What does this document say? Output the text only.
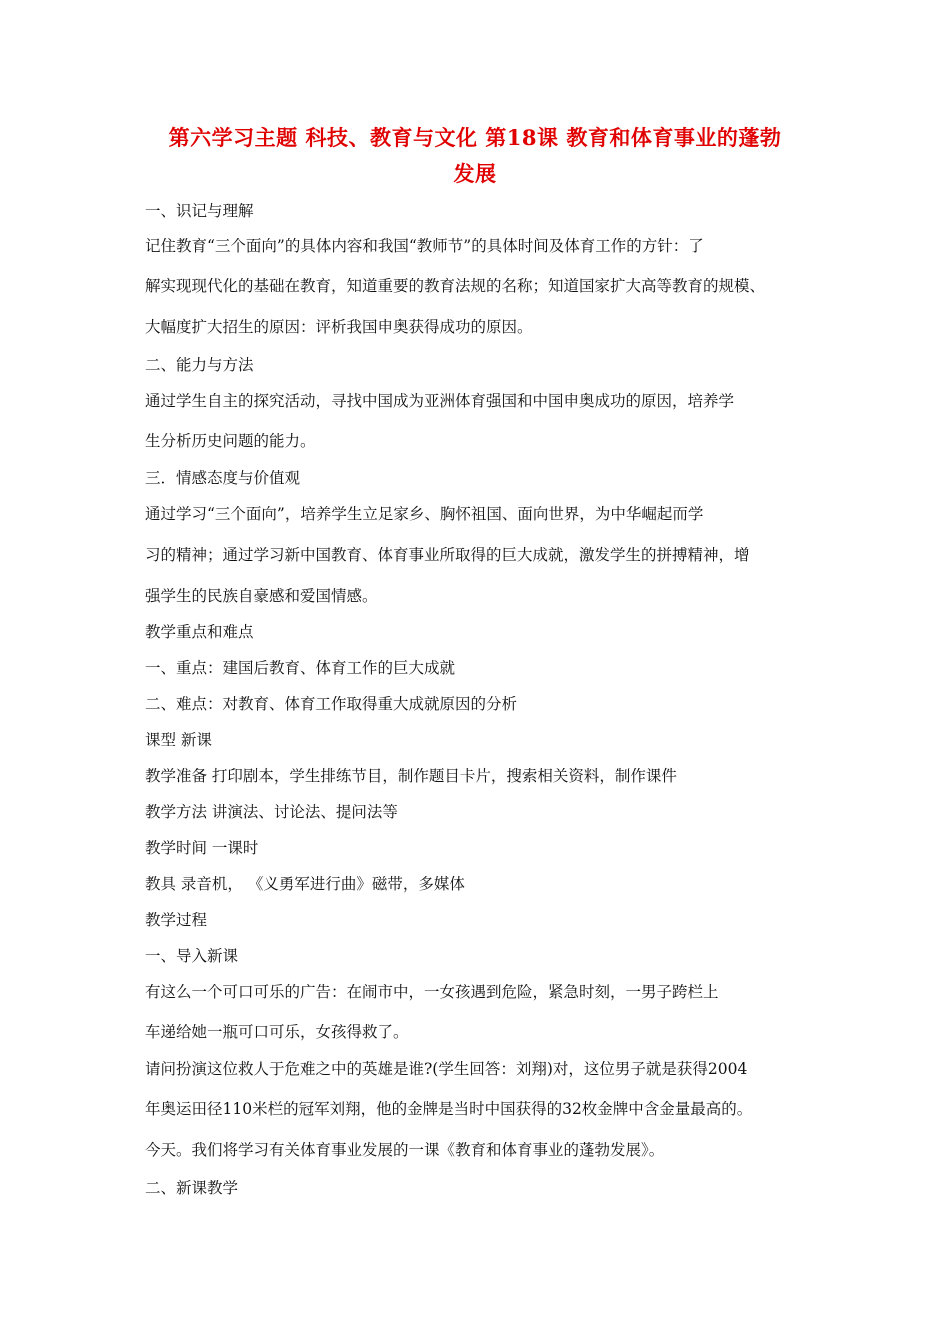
第六学习主题 科技、教育与文化 第18课 教育和体育事业的蓬勃
发展
一、识记与理解
记住教育“三个面向”的具体内容和我国“教师节”的具体时间及体育工作的方针：了
解实现现代化的基础在教育，知道重要的教育法规的名称；知道国家扩大高等教育的规模、
大幅度扩大招生的原因：评析我国申奥获得成功的原因。
二、能力与方法
通过学生自主的探究活动，寻找中国成为亚洲体育强国和中国申奥成功的原因，培养学
生分析历史问题的能力。
三．情感态度与价值观
通过学习“三个面向”，培养学生立足家乡、胸怀祖国、面向世界，为中华崛起而学
习的精神；通过学习新中国教育、体育事业所取得的巨大成就，激发学生的拼搏精神，增
强学生的民族自豪感和爱国情感。
教学重点和难点
一、重点：建国后教育、体育工作的巨大成就
二、难点：对教育、体育工作取得重大成就原因的分析
课型 新课
教学准备 打印剧本，学生排练节目，制作题目卡片，搜索相关资料，制作课件
教学方法 讲演法、讨论法、提问法等
教学时间 一课时
教具 录音机， 《义勇军进行曲》磁带，多媒体
教学过程
一、导入新课
有这么一个可口可乐的广告：在闹市中，一女孩遇到危险，紧急时刻，一男子跨栏上
车递给她一瓶可口可乐，女孩得救了。
请问扮演这位救人于危难之中的英雄是谁?(学生回答：刘翔)对，这位男子就是获得2004
年奥运田径110米栏的冠军刘翔，他的金牌是当时中国获得的32枚金牌中含金量最高的。
今天。我们将学习有关体育事业发展的一课《教育和体育事业的蓬勃发展》。
二、新课教学
